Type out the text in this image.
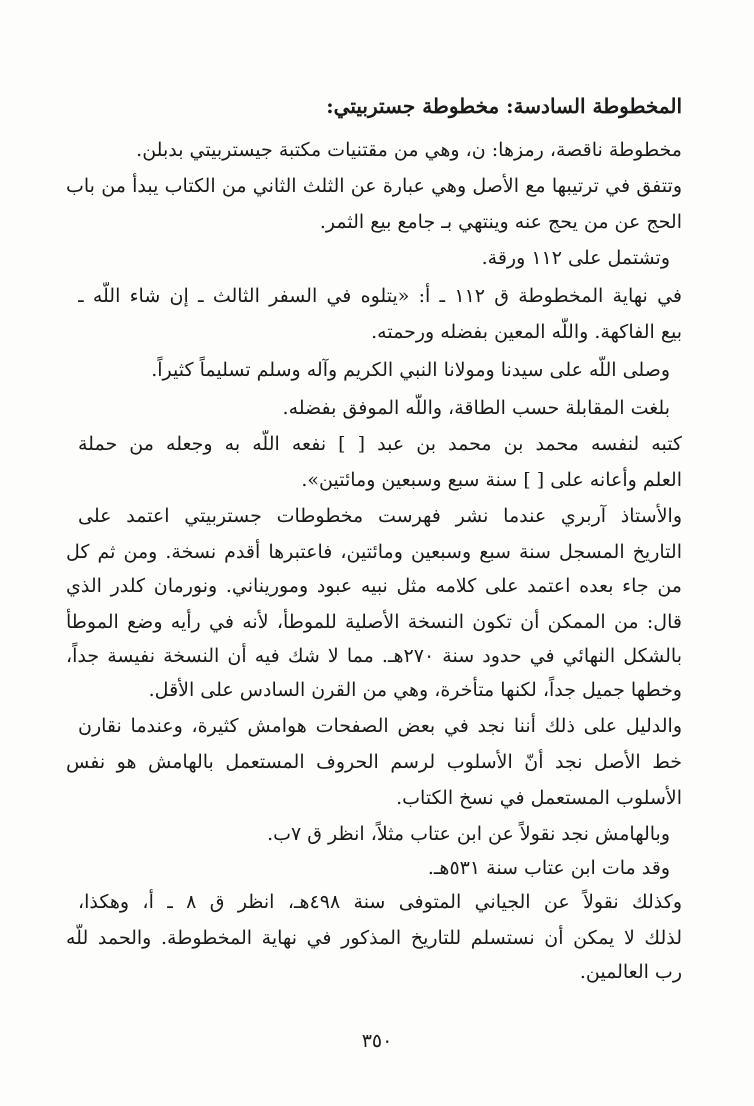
المخطوطة السادسة: مخطوطة جستربيتي:
مخطوطة ناقصة، رمزها: ن، وهي من مقتنيات مكتبة جيستربيتي بدبلن.
وتتفق في ترتيبها مع الأصل وهي عبارة عن الثلث الثاني من الكتاب يبدأ من باب
الحج عن من يحج عنه وينتهي بـ جامع بيع الثمر.
وتشتمل على ١١٢ ورقة.
في نهاية المخطوطة ق ١١٢ ـ أ: «يتلوه في السفر الثالث ـ إن شاء اللّه ـ
بيع الفاكهة. واللّه المعين بفضله ورحمته.
وصلى اللّه على سيدنا ومولانا النبي الكريم وآله وسلم تسليماً كثيراً.
بلغت المقابلة حسب الطاقة، واللّه الموفق بفضله.
كتبه لنفسه محمد بن محمد بن عبد [ ] نفعه اللّه به وجعله من حملة
العلم وأعانه على [ ] سنة سبع وسبعين ومائتين».
والأستاذ آربري عندما نشر فهرست مخطوطات جستربيتي اعتمد على
التاريخ المسجل سنة سبع وسبعين ومائتين، فاعتبرها أقدم نسخة. ومن ثم كل
من جاء بعده اعتمد على كلامه مثل نبيه عبود وموريناني. ونورمان كلدر الذي
قال: من الممكن أن تكون النسخة الأصلية للموطأ، لأنه في رأيه وضع الموطأ
بالشكل النهائي في حدود سنة ٢٧٠هـ. مما لا شك فيه أن النسخة نفيسة جداً،
وخطها جميل جداً، لكنها متأخرة، وهي من القرن السادس على الأقل.
والدليل على ذلك أننا نجد في بعض الصفحات هوامش كثيرة، وعندما نقارن
خط الأصل نجد أنّ الأسلوب لرسم الحروف المستعمل بالهامش هو نفس
الأسلوب المستعمل في نسخ الكتاب.
وبالهامش نجد نقولاً عن ابن عتاب مثلاً، انظر ق ٧ب.
وقد مات ابن عتاب سنة ٥٣١هـ.
وكذلك نقولاً عن الجياني المتوفى سنة ٤٩٨هـ، انظر ق ٨ ـ أ، وهكذا،
لذلك لا يمكن أن نستسلم للتاريخ المذكور في نهاية المخطوطة. والحمد للّه
رب العالمين.
٣٥٠
